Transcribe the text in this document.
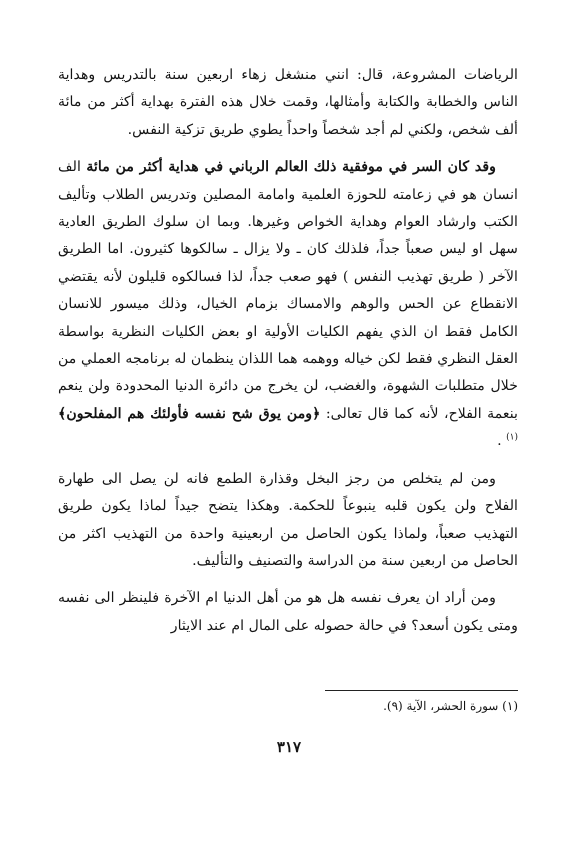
الرياضات المشروعة، قال: انني منشغل زهاء اربعين سنة بالتدريس وهداية الناس والخطابة والكتابة وأمثالها، وقمت خلال هذه الفترة بهداية أكثر من مائة ألف شخص، ولكني لم أجد شخصاً واحداً يطوي طريق تزكية النفس.

وقد كان السر في موفقية ذلك العالم الرباني في هداية أكثر من مائة الف انسان هو في زعامته للحوزة العلمية وامامة المصلين وتدريس الطلاب وتأليف الكتب وارشاد العوام وهداية الخواص وغيرها. وبما ان سلوك الطريق العادية سهل او ليس صعباً جداً، فلذلك كان ـ ولا يزال ـ سالكوها كثيرون. اما الطريق الآخر ( طريق تهذيب النفس ) فهو صعب جداً، لذا فسالكوه قليلون لأنه يقتضي الانقطاع عن الحس والوهم والامساك بزمام الخيال، وذلك ميسور للانسان الكامل فقط ان الذي يفهم الكليات الأولية او بعض الكليات النظرية بواسطة العقل النظري فقط لكن خياله ووهمه هما اللذان ينظمان له برنامجه العملي من خلال متطلبات الشهوة، والغضب، لن يخرج من دائرة الدنيا المحدودة ولن ينعم بنعمة الفلاح، لأنه كما قال تعالى: ﴿ومن يوق شح نفسه فأولئك هم المفلحون﴾$^{(١)}$ .

ومن لم يتخلص من رجز البخل وقذارة الطمع فانه لن يصل الى طهارة الفلاح ولن يكون قلبه ينبوعاً للحكمة. وهكذا يتضح جيداً لماذا يكون طريق التهذيب صعباً، ولماذا يكون الحاصل من اربعينية واحدة من التهذيب اكثر من الحاصل من اربعين سنة من الدراسة والتصنيف والتأليف.

ومن أراد ان يعرف نفسه هل هو من أهل الدنيا ام الآخرة فلينظر الى نفسه ومتى يكون أسعد؟ في حالة حصوله على المال ام عند الايثار

(١) سورة الحشر، الآية (٩).
٣١٧
